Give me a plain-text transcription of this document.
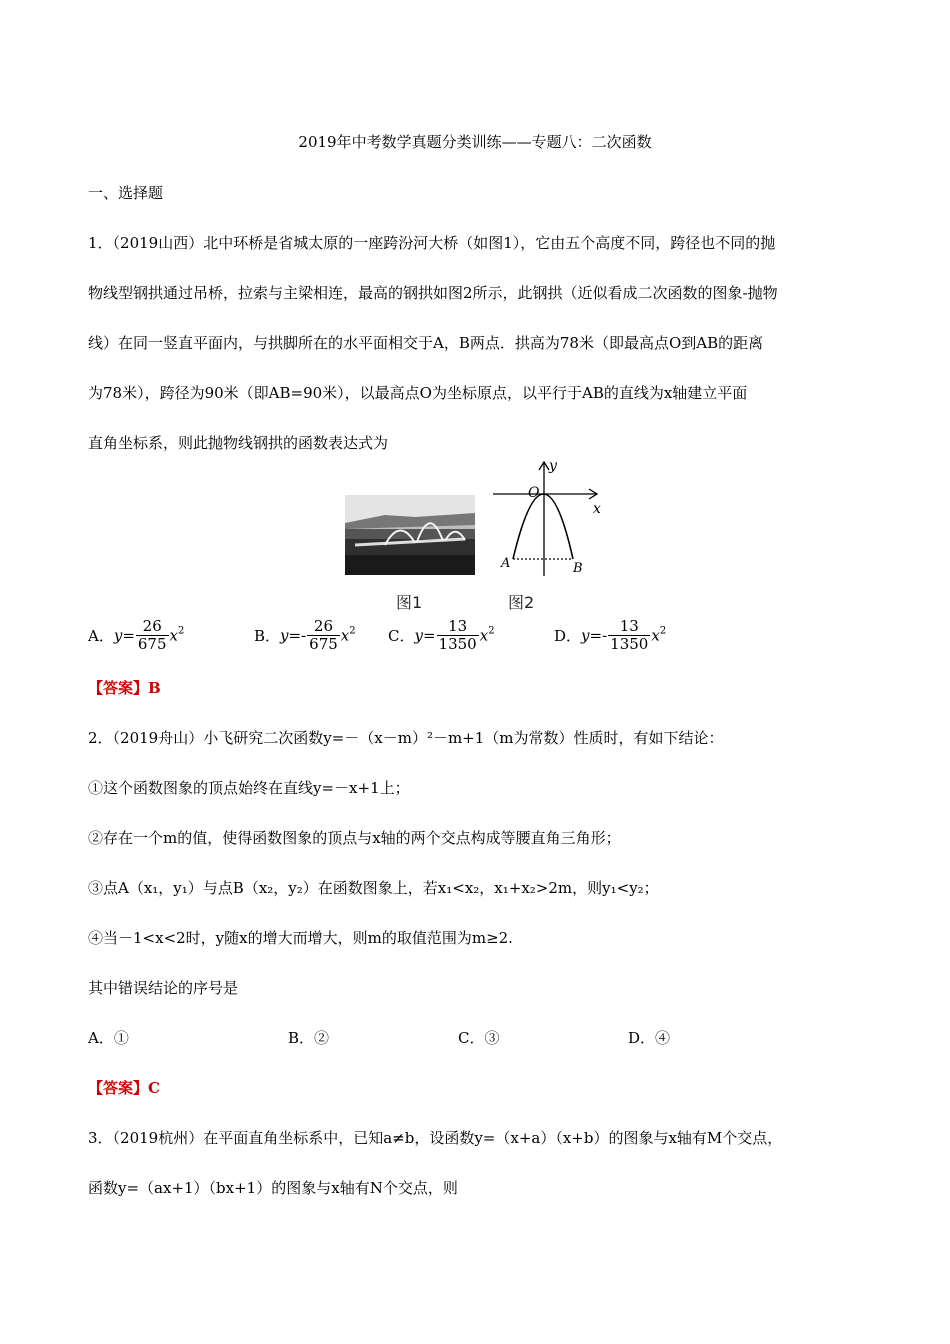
2019年中考数学真题分类训练——专题八：二次函数
一、选择题
1．（2019山西）北中环桥是省城太原的一座跨汾河大桥（如图1），它由五个高度不同，跨径也不同的抛
物线型钢拱通过吊桥，拉索与主梁相连，最高的钢拱如图2所示，此钢拱（近似看成二次函数的图象-抛物
线）在同一竖直平面内，与拱脚所在的水平面相交于A，B两点．拱高为78米（即最高点O到AB的距离
为78米），跨径为90米（即AB=90米），以最高点O为坐标原点，以平行于AB的直线为x轴建立平面
直角坐标系，则此抛物线钢拱的函数表达式为
y
O
x
A	B
图1	图2
A．$y= \frac{26}{675} x^2$	B．$y=- \frac{26}{675} x^2$ C．$y= \frac{13}{1350} x^2$	D．$y=- \frac{13}{1350} x^2$
【答案】B
2．（2019舟山）小飞研究二次函数y=－（x－m）²－m+1（m为常数）性质时，有如下结论：
①这个函数图象的顶点始终在直线y=－x+1上；
②存在一个m的值，使得函数图象的顶点与x轴的两个交点构成等腰直角三角形；
③点A（x₁，y₁）与点B（x₂，y₂）在函数图象上，若x₁<x₂，x₁+x₂>2m，则y₁<y₂；
④当－1<x<2时，y随x的增大而增大，则m的取值范围为m≥2.
其中错误结论的序号是
A．①	B．②	C．③	D．④
【答案】C
3．（2019杭州）在平面直角坐标系中，已知a≠b，设函数y=（x+a）（x+b）的图象与x轴有M个交点，
函数y=（ax+1）（bx+1）的图象与x轴有N个交点，则
